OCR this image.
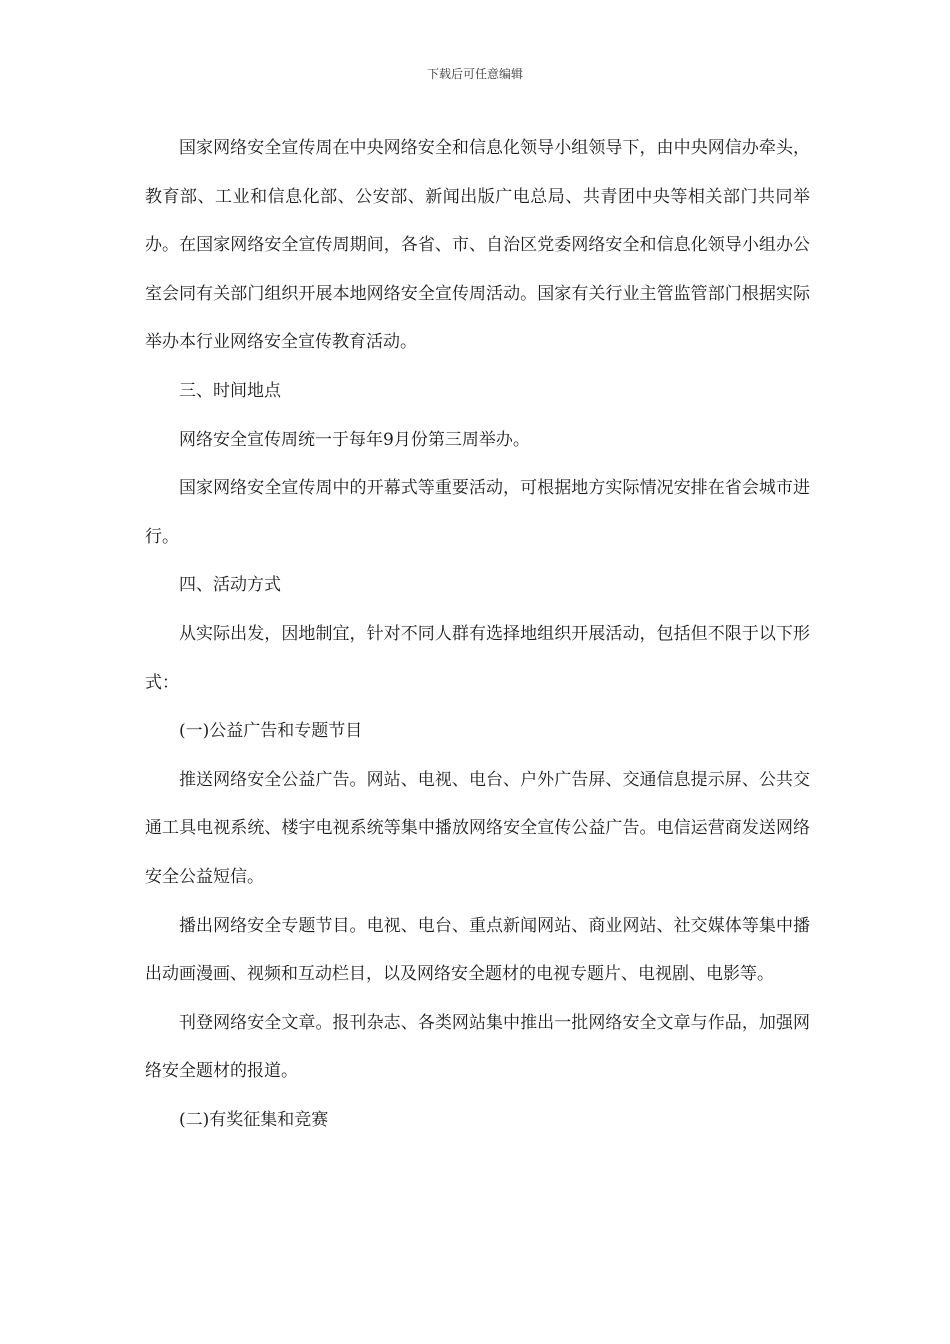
下载后可任意编辑

国家网络安全宣传周在中央网络安全和信息化领导小组领导下，由中央网信办牵头，教育部、工业和信息化部、公安部、新闻出版广电总局、共青团中央等相关部门共同举办。在国家网络安全宣传周期间，各省、市、自治区党委网络安全和信息化领导小组办公室会同有关部门组织开展本地网络安全宣传周活动。国家有关行业主管监管部门根据实际举办本行业网络安全宣传教育活动。

三、时间地点

网络安全宣传周统一于每年9月份第三周举办。

国家网络安全宣传周中的开幕式等重要活动，可根据地方实际情况安排在省会城市进行。

四、活动方式

从实际出发，因地制宜，针对不同人群有选择地组织开展活动，包括但不限于以下形式：

(一)公益广告和专题节目

推送网络安全公益广告。网站、电视、电台、户外广告屏、交通信息提示屏、公共交通工具电视系统、楼宇电视系统等集中播放网络安全宣传公益广告。电信运营商发送网络安全公益短信。

播出网络安全专题节目。电视、电台、重点新闻网站、商业网站、社交媒体等集中播出动画漫画、视频和互动栏目，以及网络安全题材的电视专题片、电视剧、电影等。

刊登网络安全文章。报刊杂志、各类网站集中推出一批网络安全文章与作品，加强网络安全题材的报道。

(二)有奖征集和竞赛
